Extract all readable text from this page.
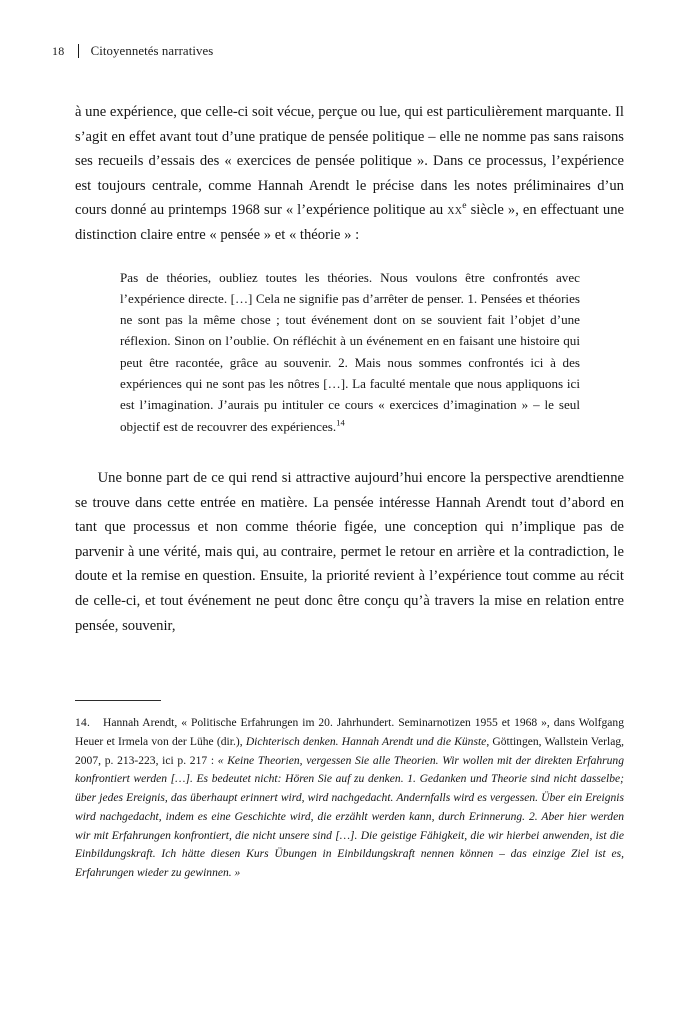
18 Citoyennetés narratives

à une expérience, que celle-ci soit vécue, perçue ou lue, qui est particulièrement marquante. Il s’agit en effet avant tout d’une pratique de pensée politique – elle ne nomme pas sans raisons ses recueils d’essais des « exercices de pensée politique ». Dans ce processus, l’expérience est toujours centrale, comme Hannah Arendt le précise dans les notes préliminaires d’un cours donné au printemps 1968 sur « l’expérience politique au $xx^e$ siècle », en effectuant une distinction claire entre « pensée » et « théorie » :

Pas de théories, oubliez toutes les théories. Nous voulons être confrontés avec l’expérience directe. […] Cela ne signifie pas d’arrêter de penser. 1. Pensées et théories ne sont pas la même chose ; tout événement dont on se souvient fait l’objet d’une réflexion. Sinon on l’oublie. On réfléchit à un événement en en faisant une histoire qui peut être racontée, grâce au souvenir. 2. Mais nous sommes confrontés ici à des expériences qui ne sont pas les nôtres […]. La faculté mentale que nous appliquons ici est l’imagination. J’aurais pu intituler ce cours « exercices d’imagination » – le seul objectif est de recouvrer des expériences.$^{14}$

Une bonne part de ce qui rend si attractive aujourd’hui encore la perspective arendtienne se trouve dans cette entrée en matière. La pensée intéresse Hannah Arendt tout d’abord en tant que processus et non comme théorie figée, une conception qui n’implique pas de parvenir à une vérité, mais qui, au contraire, permet le retour en arrière et la contradiction, le doute et la remise en question. Ensuite, la priorité revient à l’expérience tout comme au récit de celle-ci, et tout événement ne peut donc être conçu qu’à travers la mise en relation entre pensée, souvenir,

14. Hannah Arendt, « Politische Erfahrungen im 20. Jahrhundert. Seminarnotizen 1955 et 1968 », dans Wolfgang Heuer et Irmela von der Lühe (dir.), Dichterisch denken. Hannah Arendt und die Künste, Göttingen, Wallstein Verlag, 2007, p. 213-223, ici p. 217 : « Keine Theorien, vergessen Sie alle Theorien. Wir wollen mit der direkten Erfahrung konfrontiert werden […]. Es bedeutet nicht: Hören Sie auf zu denken. 1. Gedanken und Theorie sind nicht dasselbe; über jedes Ereignis, das überhaupt erinnert wird, wird nachgedacht. Andernfalls wird es vergessen. Über ein Ereignis wird nachgedacht, indem es eine Geschichte wird, die erzählt werden kann, durch Erinnerung. 2. Aber hier werden wir mit Erfahrungen konfrontiert, die nicht unsere sind […]. Die geistige Fähigkeit, die wir hierbei anwenden, ist die Einbildungskraft. Ich hätte diesen Kurs Übungen in Einbildungskraft nennen können – das einzige Ziel ist es, Erfahrungen wieder zu gewinnen. »
